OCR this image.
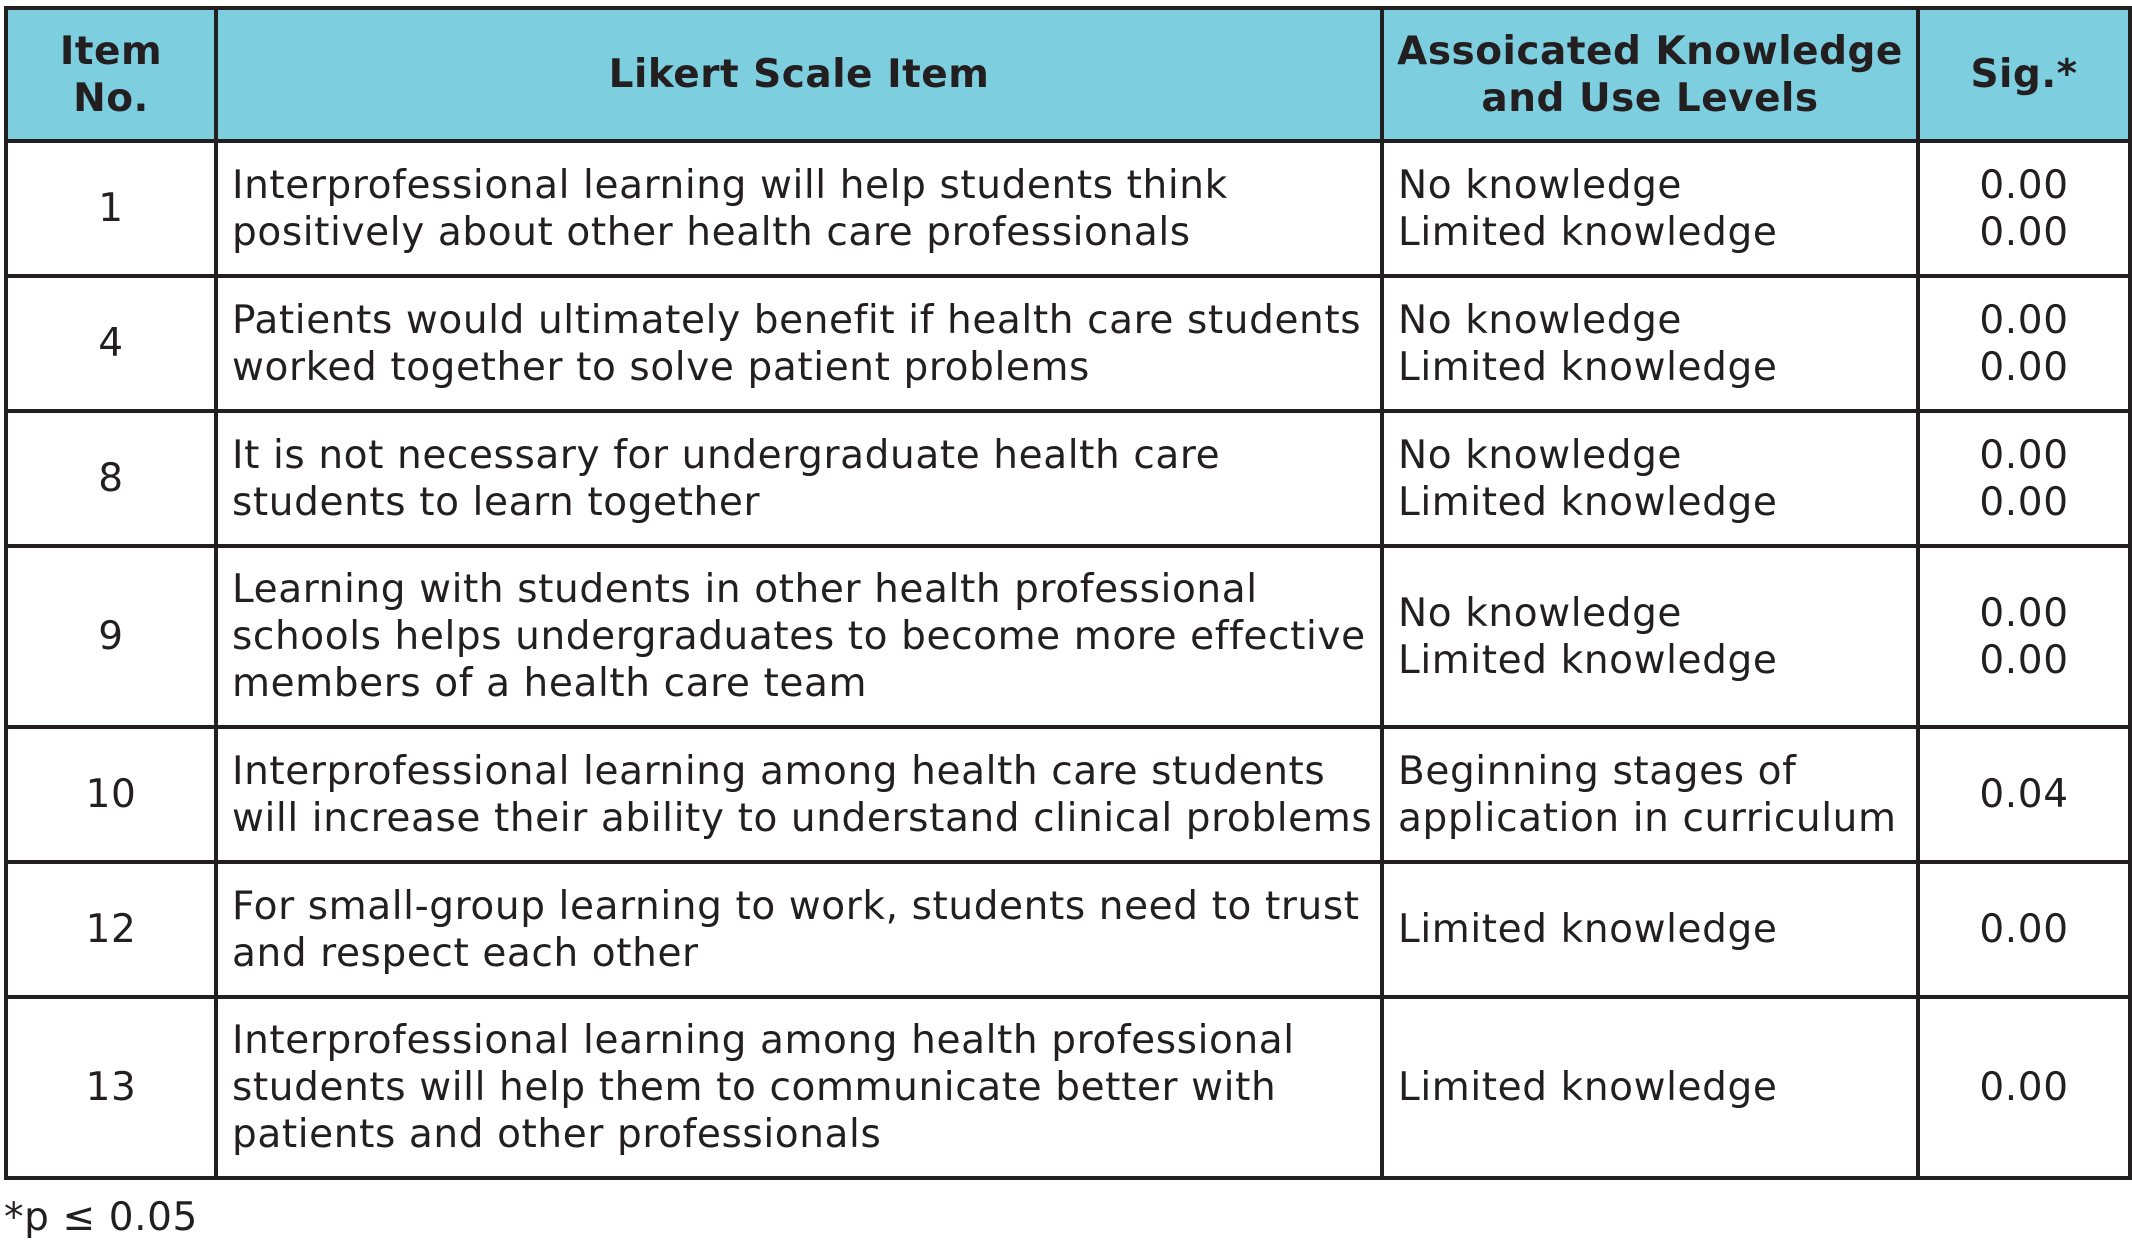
Item
No.	Likert Scale Item	Assoicated Knowledge
and Use Levels	Sig.*
1	Interprofessional learning will help students think
positively about other health care professionals	No knowledge
Limited knowledge	0.00
0.00

4	Patients would ultimately benefit if health care students
worked together to solve patient problems	No knowledge
Limited knowledge	0.00
0.00

8	It is not necessary for undergraduate health care
students to learn together	No knowledge
Limited knowledge	0.00
0.00

9	Learning with students in other health professional
schools helps undergraduates to become more effective
members of a health care team	No knowledge
Limited knowledge	0.00
0.00

10	Interprofessional learning among health care students
will increase their ability to understand clinical problems	Beginning stages of
application in curriculum	0.04

12	For small-group learning to work, students need to trust
and respect each other	Limited knowledge	0.00

13	Interprofessional learning among health professional
students will help them to communicate better with
patients and other professionals	Limited knowledge	0.00
*p ≤ 0.05
